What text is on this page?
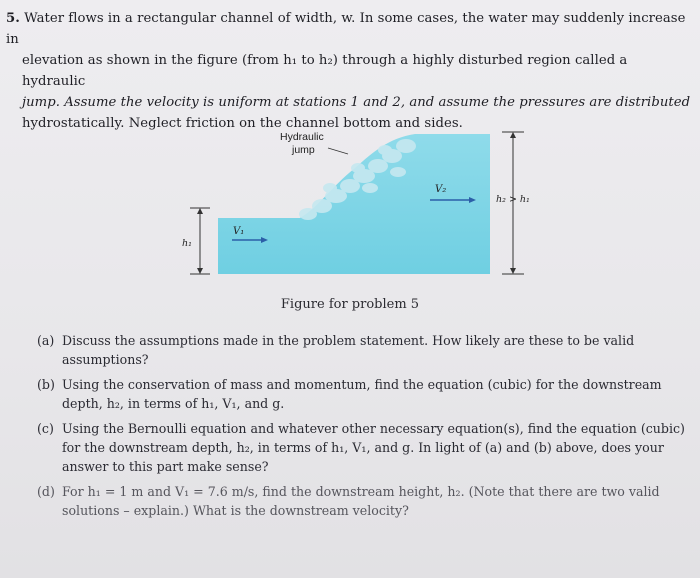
5. Water flows in a rectangular channel of width, w. In some cases, the water may suddenly increase in

elevation as shown in the figure (from h₁ to h₂) through a highly disturbed region called a hydraulic

jump. Assume the velocity is uniform at stations 1 and 2, and assume the pressures are distributed

hydrostatically. Neglect friction on the channel bottom and sides.

Hydraulic
jump
h₁
V₁
V₂
h₂ > h₁
Figure for problem 5
(a) Discuss the assumptions made in the problem statement. How likely are these to be valid assumptions?
(b) Using the conservation of mass and momentum, find the equation (cubic) for the downstream depth, h₂, in terms of h₁, V₁, and g.
(c) Using the Bernoulli equation and whatever other necessary equation(s), find the equation (cubic) for the downstream depth, h₂, in terms of h₁, V₁, and g. In light of (a) and (b) above, does your answer to this part make sense?
(d) For h₁ = 1 m and V₁ = 7.6 m/s, find the downstream height, h₂. (Note that there are two valid solutions – explain.) What is the downstream velocity?
